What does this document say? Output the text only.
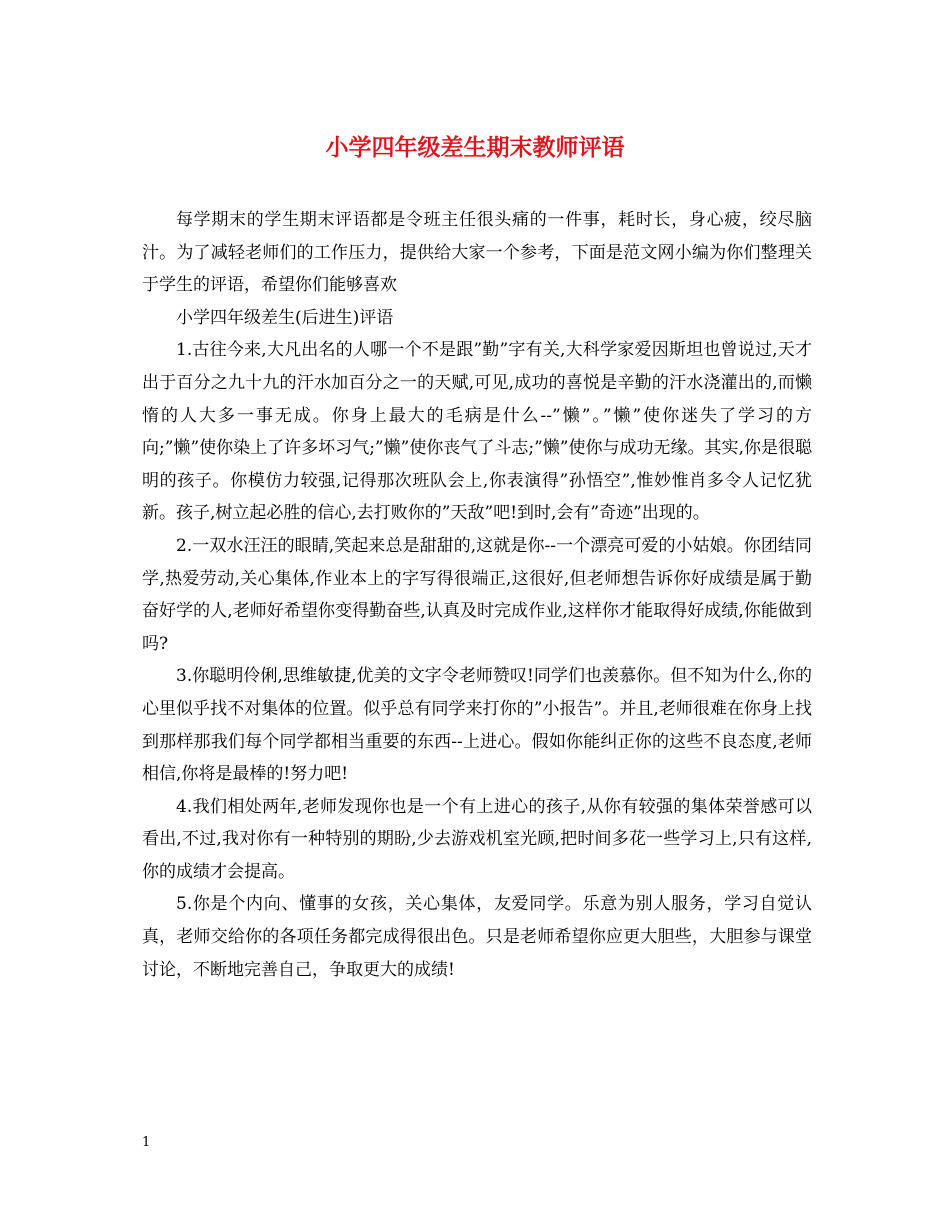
小学四年级差生期末教师评语

每学期末的学生期末评语都是令班主任很头痛的一件事，耗时长，身心疲，绞尽脑汁。为了减轻老师们的工作压力，提供给大家一个参考，下面是范文网小编为你们整理关于学生的评语，希望你们能够喜欢

小学四年级差生(后进生)评语

1.古往今来,大凡出名的人哪一个不是跟”勤”字有关,大科学家爱因斯坦也曾说过,天才出于百分之九十九的汗水加百分之一的天赋,可见,成功的喜悦是辛勤的汗水浇灌出的,而懒惰的人大多一事无成。你身上最大的毛病是什么--”懒”。”懒”使你迷失了学习的方向;”懒”使你染上了许多坏习气;”懒”使你丧气了斗志;”懒”使你与成功无缘。其实,你是很聪明的孩子。你模仿力较强,记得那次班队会上,你表演得”孙悟空”,惟妙惟肖多令人记忆犹新。孩子,树立起必胜的信心,去打败你的”天敌”吧!到时,会有”奇迹”出现的。

2.一双水汪汪的眼睛,笑起来总是甜甜的,这就是你--一个漂亮可爱的小姑娘。你团结同学,热爱劳动,关心集体,作业本上的字写得很端正,这很好,但老师想告诉你好成绩是属于勤奋好学的人,老师好希望你变得勤奋些,认真及时完成作业,这样你才能取得好成绩,你能做到吗?

3.你聪明伶俐,思维敏捷,优美的文字令老师赞叹!同学们也羡慕你。但不知为什么,你的心里似乎找不对集体的位置。似乎总有同学来打你的”小报告”。并且,老师很难在你身上找到那样那我们每个同学都相当重要的东西--上进心。假如你能纠正你的这些不良态度,老师相信,你将是最棒的!努力吧!

4.我们相处两年,老师发现你也是一个有上进心的孩子,从你有较强的集体荣誉感可以看出,不过,我对你有一种特别的期盼,少去游戏机室光顾,把时间多花一些学习上,只有这样,你的成绩才会提高。

5.你是个内向、懂事的女孩，关心集体，友爱同学。乐意为别人服务，学习自觉认真，老师交给你的各项任务都完成得很出色。只是老师希望你应更大胆些，大胆参与课堂讨论，不断地完善自己，争取更大的成绩!

1
